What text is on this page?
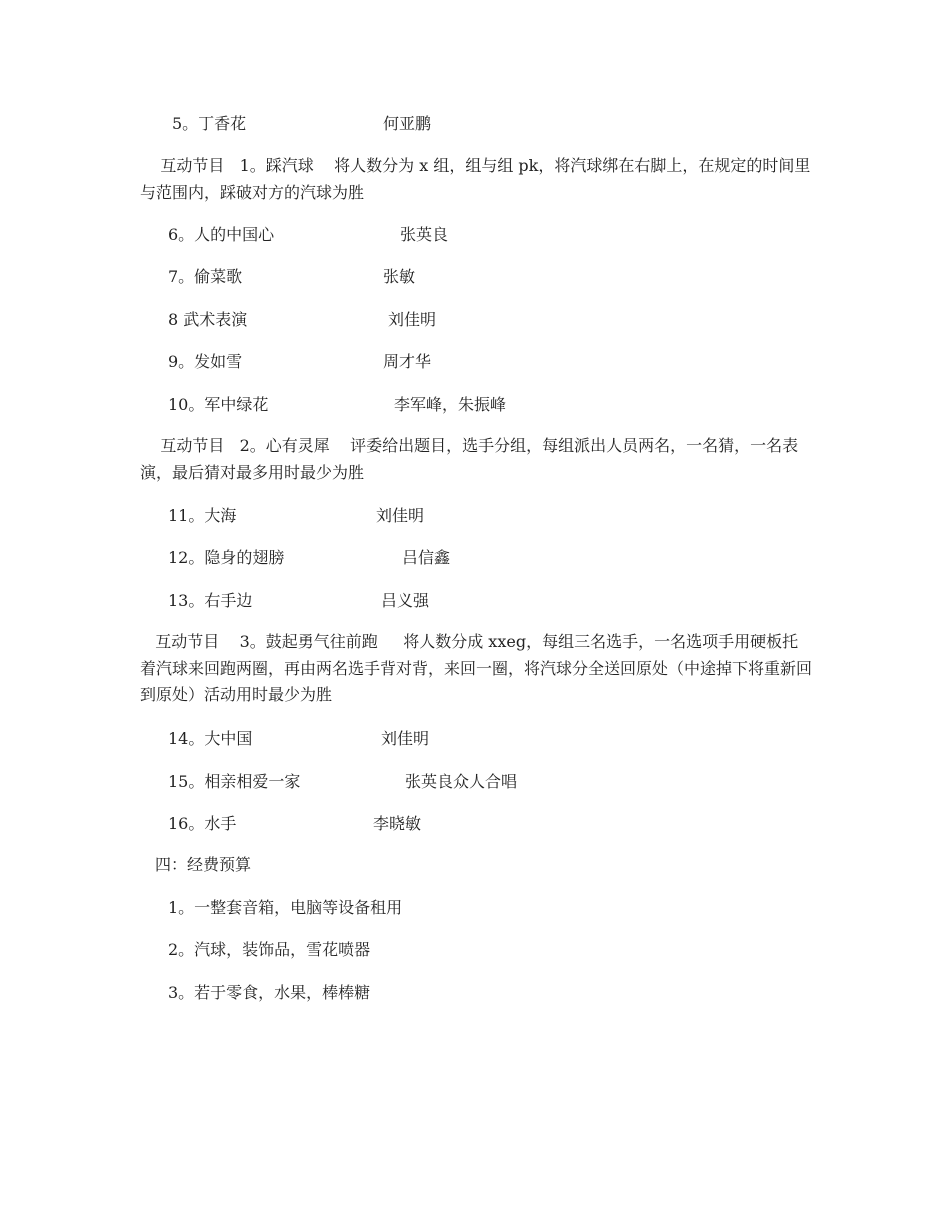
5。丁香花	何亚鹏
互动节目   1。踩汽球    将人数分为 x 组，组与组 pk，将汽球绑在右脚上，在规定的时间里与范围内，踩破对方的汽球为胜
6。人的中国心	张英良
7。偷菜歌	张敏
8 武术表演	刘佳明
9。发如雪	周才华
10。军中绿花	李军峰，朱振峰
互动节目   2。心有灵犀    评委给出题目，选手分组，每组派出人员两名，一名猜，一名表演，最后猜对最多用时最少为胜
11。大海	刘佳明
12。隐身的翅膀	吕信鑫
13。右手边	吕义强
互动节目    3。鼓起勇气往前跑     将人数分成 xxeg，每组三名选手，一名选项手用硬板托着汽球来回跑两圈，再由两名选手背对背，来回一圈，将汽球分全送回原处（中途掉下将重新回到原处）活动用时最少为胜
14。大中国	刘佳明
15。相亲相爱一家	张英良众人合唱
16。水手	李晓敏
四：经费预算
1。一整套音箱，电脑等设备租用
2。汽球，装饰品，雪花喷器
3。若于零食，水果，棒棒糖
